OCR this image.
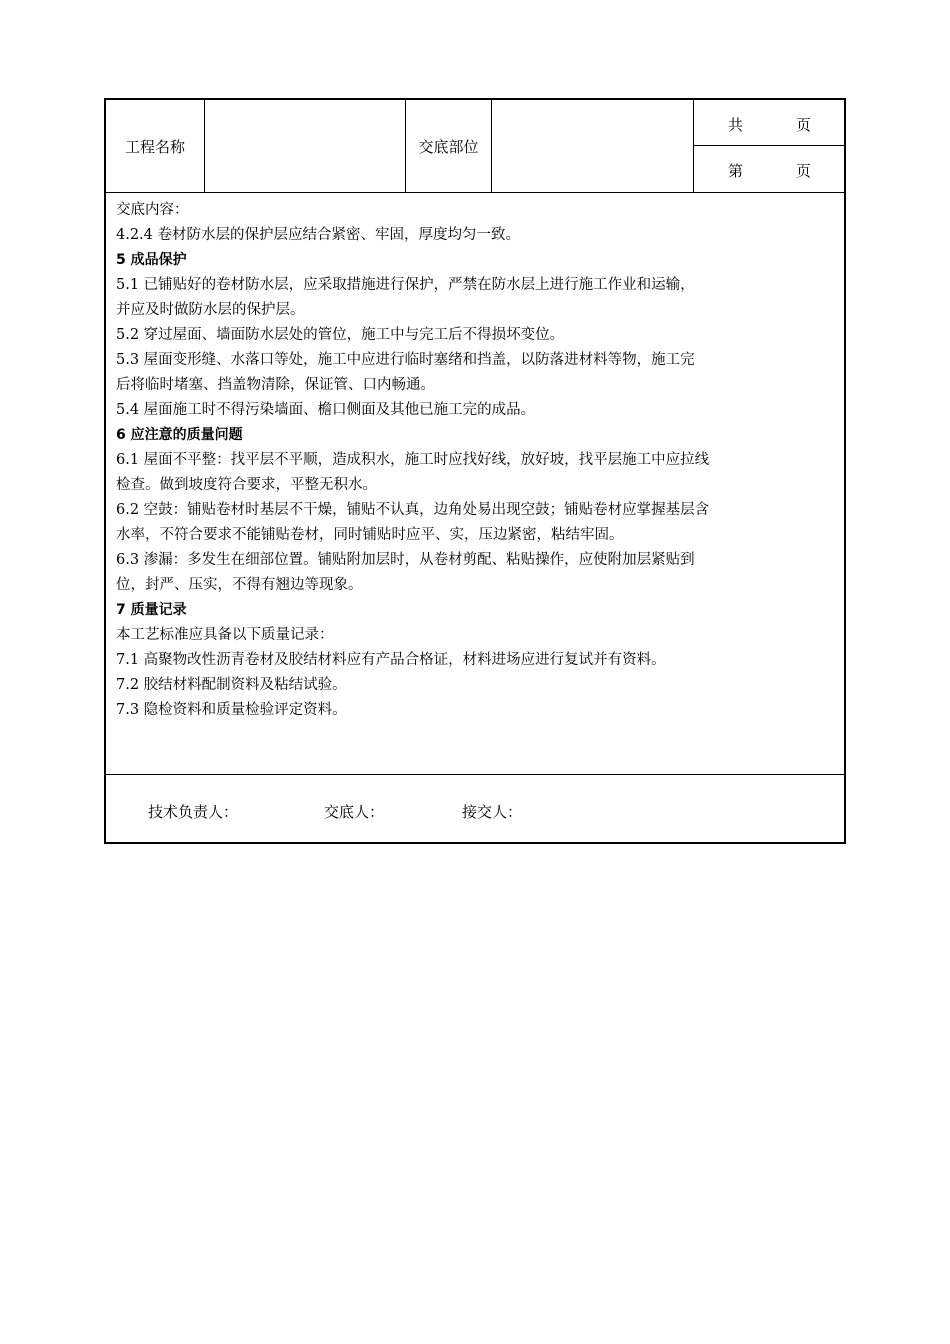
工程名称	交底部位
共	页
第	页
交底内容：
4.2.4 卷材防水层的保护层应结合紧密、牢固，厚度均匀一致。
5 成品保护
5.1 已铺贴好的卷材防水层，应采取措施进行保护，严禁在防水层上进行施工作业和运输，
并应及时做防水层的保护层。
5.2 穿过屋面、墙面防水层处的管位，施工中与完工后不得损坏变位。
5.3 屋面变形缝、水落口等处，施工中应进行临时塞绪和挡盖，以防落进材料等物，施工完
后将临时堵塞、挡盖物清除，保证管、口内畅通。
5.4 屋面施工时不得污染墙面、檐口侧面及其他已施工完的成品。
6 应注意的质量问题
6.1 屋面不平整：找平层不平顺，造成积水，施工时应找好线，放好坡，找平层施工中应拉线
检查。做到坡度符合要求，平整无积水。
6.2 空鼓：铺贴卷材时基层不干燥，铺贴不认真，边角处易出现空鼓；铺贴卷材应掌握基层含
水率，不符合要求不能铺贴卷材，同时铺贴时应平、实，压边紧密，粘结牢固。
6.3 渗漏：多发生在细部位置。铺贴附加层时，从卷材剪配、粘贴操作，应使附加层紧贴到
位，封严、压实，不得有翘边等现象。
7 质量记录
本工艺标准应具备以下质量记录：
7.1 高聚物改性沥青卷材及胶结材料应有产品合格证，材料进场应进行复试并有资料。
7.2 胶结材料配制资料及粘结试验。
7.3 隐检资料和质量检验评定资料。
技术负责人：	交底人：	接交人：
